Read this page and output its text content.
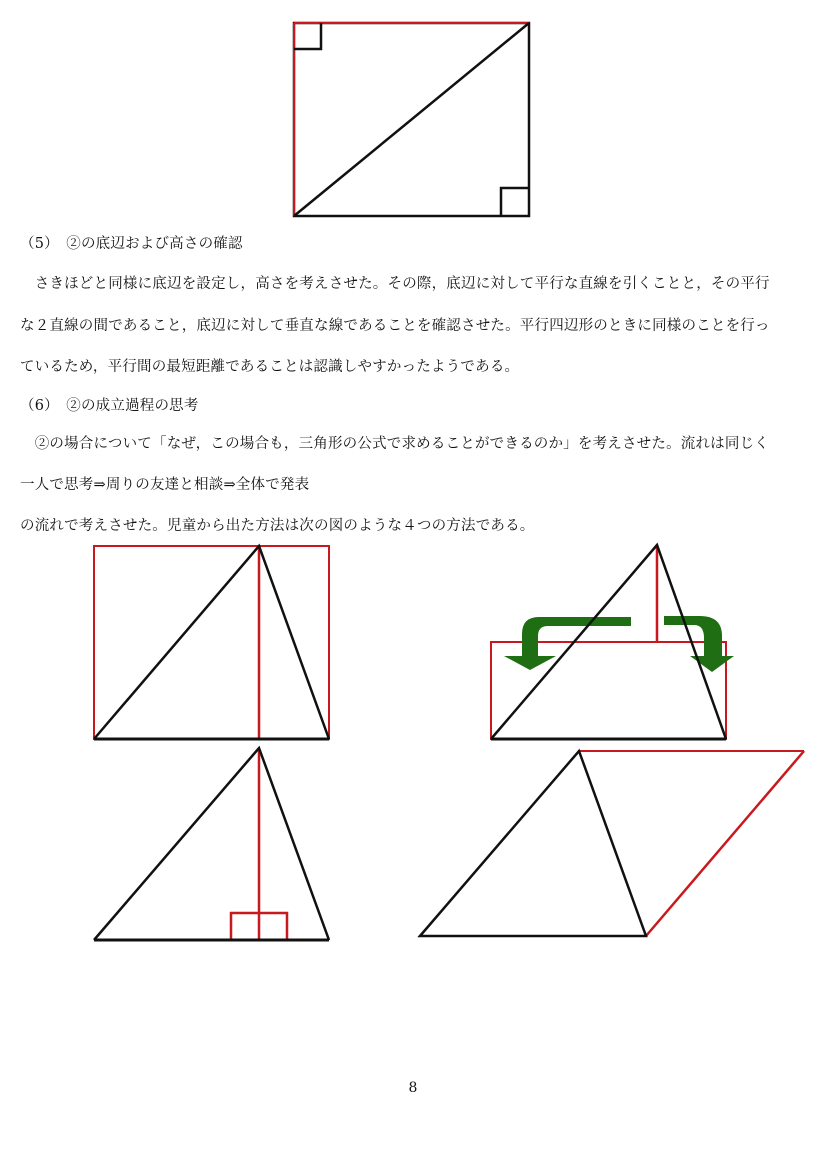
（5）　②の底辺および高さの確認
　さきほどと同様に底辺を設定し，高さを考えさせた。その際，底辺に対して平行な直線を引くことと，その平行
な２直線の間であること，底辺に対して垂直な線であることを確認させた。平行四辺形のときに同様のことを行っ
ているため，平行間の最短距離であることは認識しやすかったようである。
（6）　②の成立過程の思考
　②の場合について「なぜ，この場合も，三角形の公式で求めることができるのか」を考えさせた。流れは同じく
一人で思考⇒周りの友達と相談⇒全体で発表
の流れで考えさせた。児童から出た方法は次の図のような４つの方法である。
8
